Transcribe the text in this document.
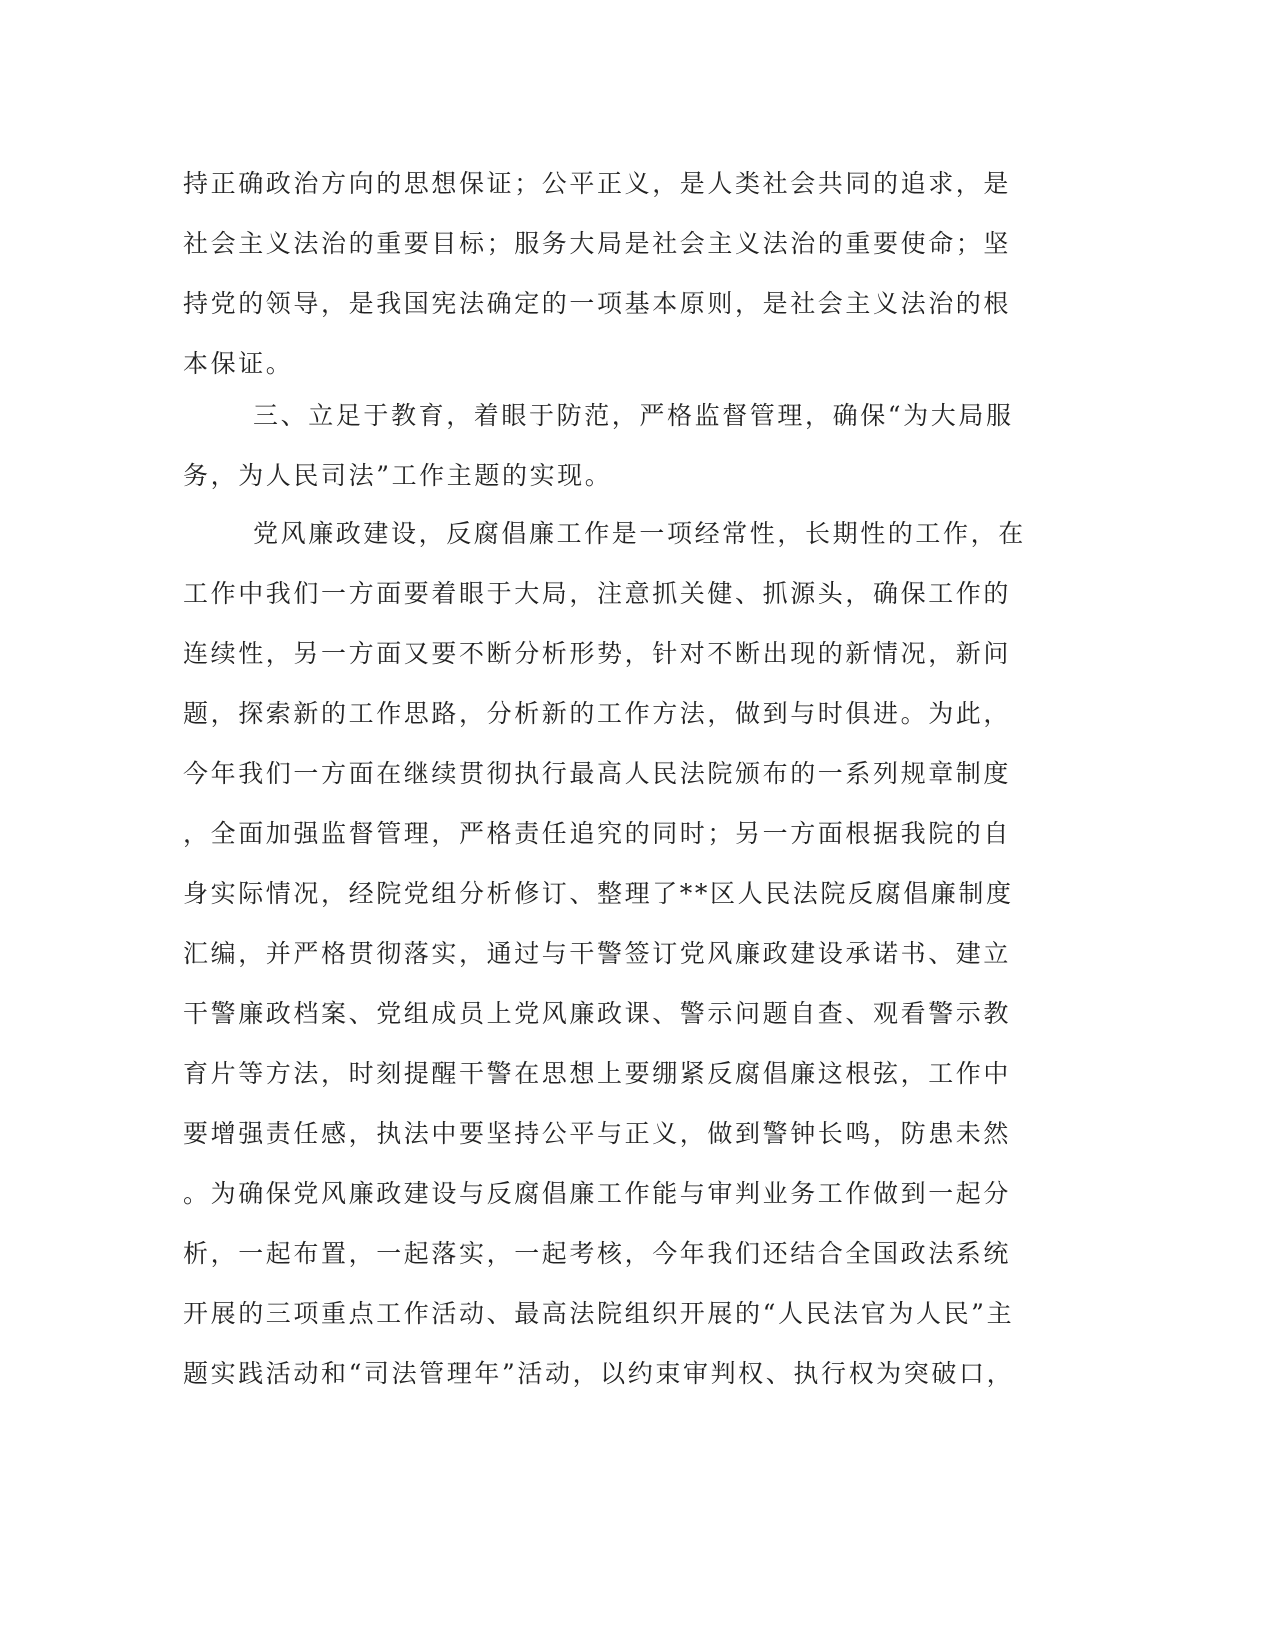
持正确政治方向的思想保证；公平正义，是人类社会共同的追求，是
社会主义法治的重要目标；服务大局是社会主义法治的重要使命；坚
持党的领导，是我国宪法确定的一项基本原则，是社会主义法治的根
本保证。
三、立足于教育，着眼于防范，严格监督管理，确保“为大局服
务，为人民司法”工作主题的实现。
党风廉政建设，反腐倡廉工作是一项经常性，长期性的工作，在
工作中我们一方面要着眼于大局，注意抓关健、抓源头，确保工作的
连续性，另一方面又要不断分析形势，针对不断出现的新情况，新问
题，探索新的工作思路，分析新的工作方法，做到与时俱进。为此，
今年我们一方面在继续贯彻执行最高人民法院颁布的一系列规章制度
，全面加强监督管理，严格责任追究的同时；另一方面根据我院的自
身实际情况，经院党组分析修订、整理了**区人民法院反腐倡廉制度
汇编，并严格贯彻落实，通过与干警签订党风廉政建设承诺书、建立
干警廉政档案、党组成员上党风廉政课、警示问题自查、观看警示教
育片等方法，时刻提醒干警在思想上要绷紧反腐倡廉这根弦，工作中
要增强责任感，执法中要坚持公平与正义，做到警钟长鸣，防患未然
。为确保党风廉政建设与反腐倡廉工作能与审判业务工作做到一起分
析，一起布置，一起落实，一起考核，今年我们还结合全国政法系统
开展的三项重点工作活动、最高法院组织开展的“人民法官为人民”主
题实践活动和“司法管理年”活动，以约束审判权、执行权为突破口，
